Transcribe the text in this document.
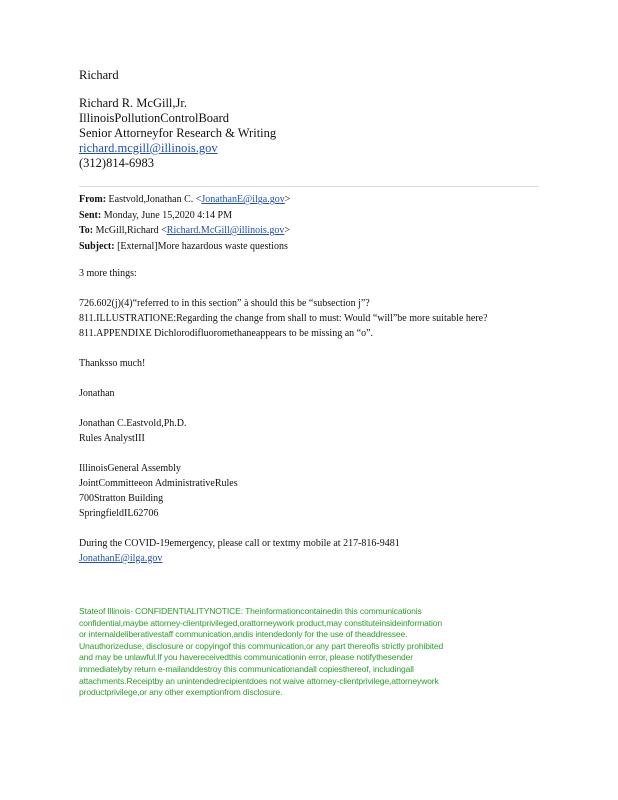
Richard
Richard R. McGill,Jr.
IllinoisPollutionControlBoard
Senior Attorneyfor Research & Writing
richard.mcgill@illinois.gov
(312)814-6983
From: Eastvold,Jonathan C. <JonathanE@ilga.gov>
Sent: Monday, June 15,2020 4:14 PM
To: McGill,Richard <Richard.McGill@illinois.gov>
Subject: [External]More hazardous waste questions
3 more things:
726.602(j)(4)“referred to in this section” à should this be “subsection j”?
811.ILLUSTRATIONE:Regarding the change from shall to must: Would “will”be more suitable here?
811.APPENDIXE Dichlorodifluoromethaneappears to be missing an “o”.
Thanksso much!
Jonathan
Jonathan C.Eastvold,Ph.D.
Rules AnalystIII
IllinoisGeneral Assembly
JointCommitteeon AdministrativeRules
700Stratton Building
SpringfieldIL62706
During the COVID-19emergency, please call or textmy mobile at 217-816-9481
JonathanE@ilga.gov
Stateof Illinois- CONFIDENTIALITYNOTICE: Theinformationcontainedin this communicationis
confidential,maybe attorney-clientprivileged,orattorneywork product,may constituteinsideinformation
or internaldeliberativestaff communication,andis intendedonly for the use of theaddressee.
Unauthorizeduse, disclosure or copyingof this communication,or any part thereofis strictly prohibited
and may be unlawful.If you havereceivedthis communicationin error, please notifythesender
immediatelyby return e-mailanddestroy this communicationandall copiesthereof, includingall
attachments.Receiptby an unintendedrecipientdoes not waive attorney-clientprivilege,attorneywork
productprivilege,or any other exemptionfrom disclosure.
